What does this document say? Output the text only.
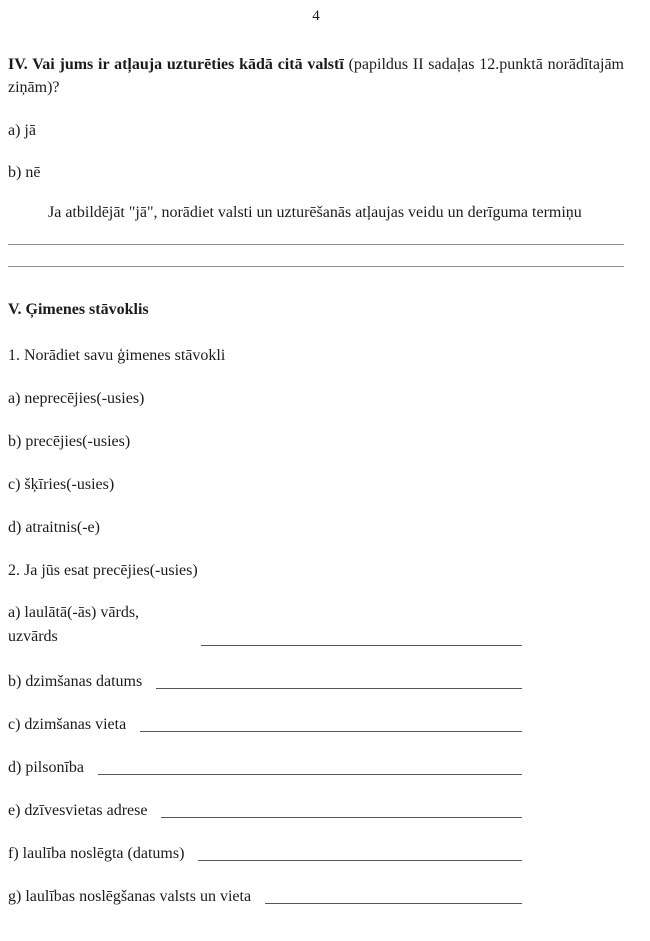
4

IV. Vai jums ir atļauja uzturēties kādā citā valstī (papildus II sadaļas 12.punktā norādītajām ziņām)?

a) jā

b) nē

Ja atbildējāt "jā", norādiet valsti un uzturēšanās atļaujas veidu un derīguma termiņu

V. Ģimenes stāvoklis

1. Norādiet savu ģimenes stāvokli

a) neprecējies(-usies)

b) precējies(-usies)

c) šķīries(-usies)

d) atraitnis(-e)

2. Ja jūs esat precējies(-usies)

a) laulātā(-ās) vārds,
uzvārds
b) dzimšanas datums
c) dzimšanas vieta
d) pilsonība
e) dzīvesvietas adrese
f) laulība noslēgta (datums)
g) laulības noslēgšanas valsts un vieta
